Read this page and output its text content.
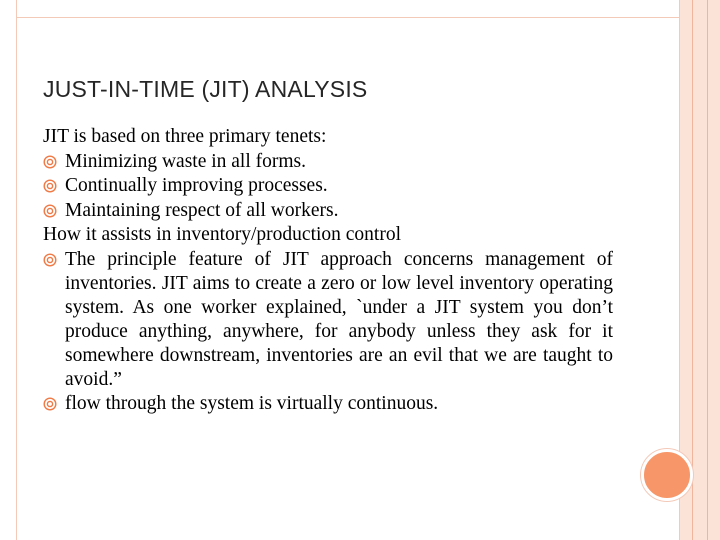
JUST-IN-TIME (JIT) ANALYSIS

JIT is based on three primary tenets:

Minimizing waste in all forms.
Continually improving processes.
Maintaining respect of all workers.

How it assists in inventory/production control

The principle feature of JIT approach concerns management of inventories. JIT aims to create a zero or low level inventory operating system. As one worker explained, `under a JIT system you don’t produce anything, anywhere, for anybody unless they ask for it somewhere downstream, inventories are an evil that we are taught to avoid.”
flow through the system is virtually continuous.
